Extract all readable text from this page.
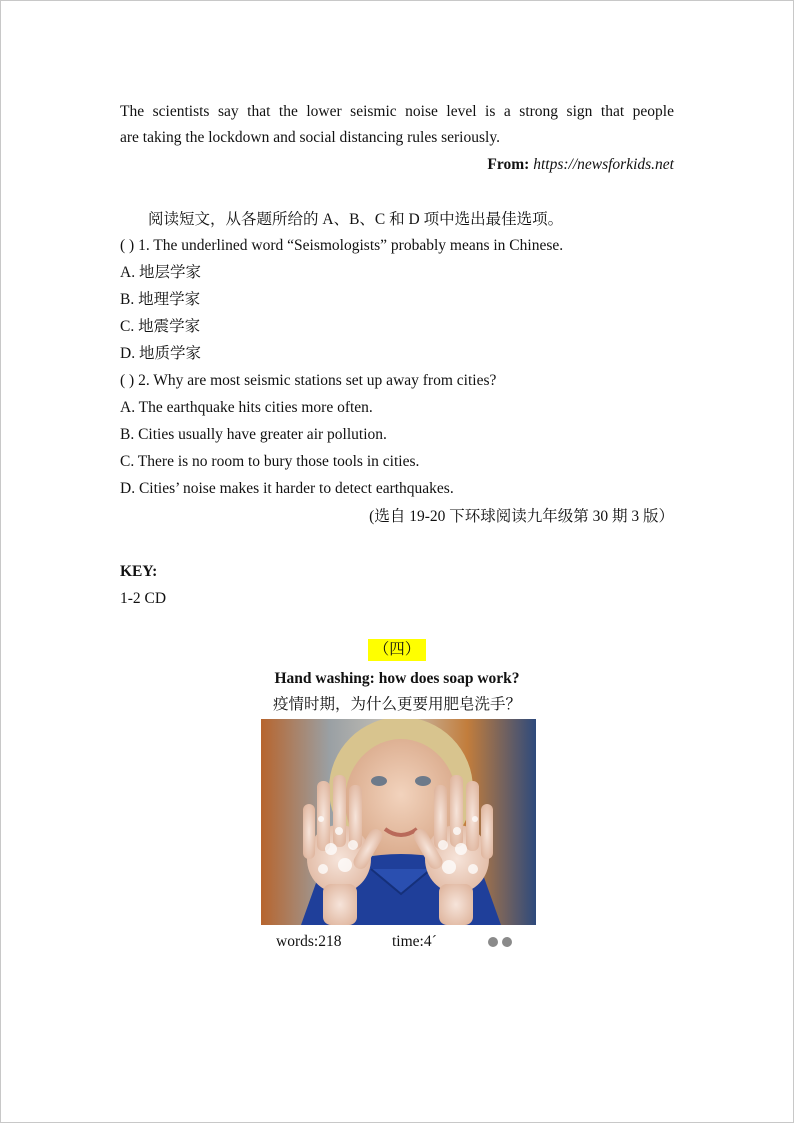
The scientists say that the lower seismic noise level is a strong sign that people
are taking the lockdown and social distancing rules seriously.
From: https://newsforkids.net
阅读短文，从各题所给的 A、B、C 和 D 项中选出最佳选项。
( ) 1. The underlined word “Seismologists” probably means in Chinese.
A. 地层学家
B. 地理学家
C. 地震学家
D. 地质学家
( ) 2. Why are most seismic stations set up away from cities?
A. The earthquake hits cities more often.
B. Cities usually have greater air pollution.
C. There is no room to bury those tools in cities.
D. Cities’ noise makes it harder to detect earthquakes.
(选自 19-20 下环球阅读九年级第 30 期 3 版）
KEY:
1-2 CD
（四）
Hand washing: how does soap work?
疫情时期，为什么更要用肥皂洗手？
words:218	time:4´
